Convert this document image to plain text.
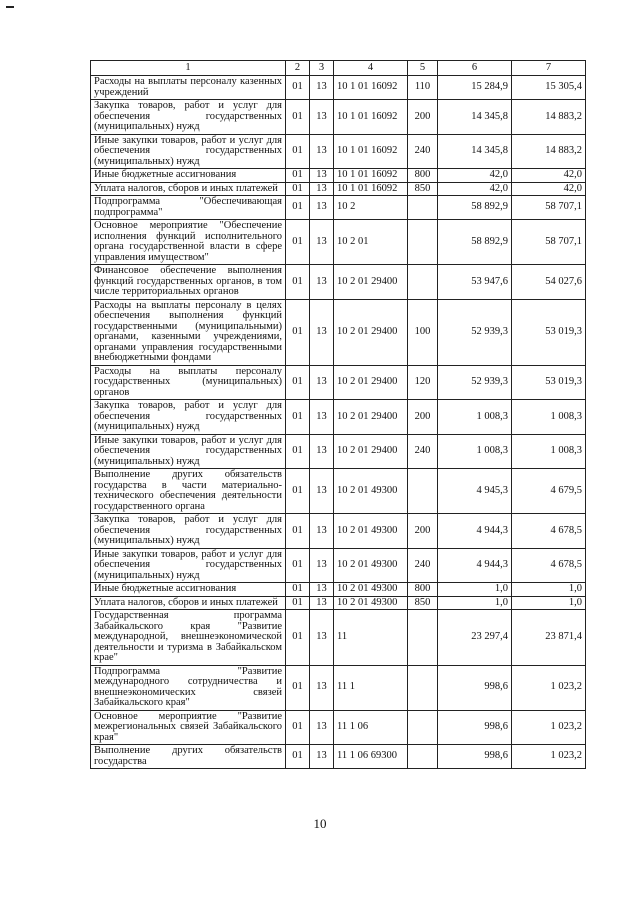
1	2	3	4	5	6	7
Расходы на выплаты персоналу казенных учреждений	01	13	10 1 01 16092	110	15 284,9	15 305,4
Закупка товаров, работ и услуг для обеспечения государственных (муниципальных) нужд	01	13	10 1 01 16092	200	14 345,8	14 883,2
Иные закупки товаров, работ и услуг для обеспечения государственных (муниципальных) нужд	01	13	10 1 01 16092	240	14 345,8	14 883,2
Иные бюджетные ассигнования	01	13	10 1 01 16092	800	42,0	42,0
Уплата налогов, сборов и иных платежей	01	13	10 1 01 16092	850	42,0	42,0
Подпрограмма "Обеспечивающая подпрограмма"	01	13	10 2		58 892,9	58 707,1
Основное мероприятие "Обеспечение исполнения функций исполнительного органа государственной власти в сфере управления имуществом"	01	13	10 2 01		58 892,9	58 707,1
Финансовое обеспечение выполнения функций государственных органов, в том числе территориальных органов	01	13	10 2 01 29400		53 947,6	54 027,6
Расходы на выплаты персоналу в целях обеспечения выполнения функций государственными (муниципальными) органами, казенными учреждениями, органами управления государственными внебюджетными фондами	01	13	10 2 01 29400	100	52 939,3	53 019,3
Расходы на выплаты персоналу государственных (муниципальных) органов	01	13	10 2 01 29400	120	52 939,3	53 019,3
Закупка товаров, работ и услуг для обеспечения государственных (муниципальных) нужд	01	13	10 2 01 29400	200	1 008,3	1 008,3
Иные закупки товаров, работ и услуг для обеспечения государственных (муниципальных) нужд	01	13	10 2 01 29400	240	1 008,3	1 008,3
Выполнение других обязательств государства в части материально-технического обеспечения деятельности государственного органа	01	13	10 2 01 49300		4 945,3	4 679,5
Закупка товаров, работ и услуг для обеспечения государственных (муниципальных) нужд	01	13	10 2 01 49300	200	4 944,3	4 678,5
Иные закупки товаров, работ и услуг для обеспечения государственных (муниципальных) нужд	01	13	10 2 01 49300	240	4 944,3	4 678,5
Иные бюджетные ассигнования	01	13	10 2 01 49300	800	1,0	1,0
Уплата налогов, сборов и иных платежей	01	13	10 2 01 49300	850	1,0	1,0
Государственная программа Забайкальского края "Развитие международной, внешнеэкономической деятельности и туризма в Забайкальском крае"	01	13	11		23 297,4	23 871,4
Подпрограмма "Развитие международного сотрудничества и внешнеэкономических связей Забайкальского края"	01	13	11 1		998,6	1 023,2
Основное мероприятие "Развитие межрегиональных связей Забайкальского края"	01	13	11 1 06		998,6	1 023,2
Выполнение других обязательств государства	01	13	11 1 06 69300		998,6	1 023,2
10
